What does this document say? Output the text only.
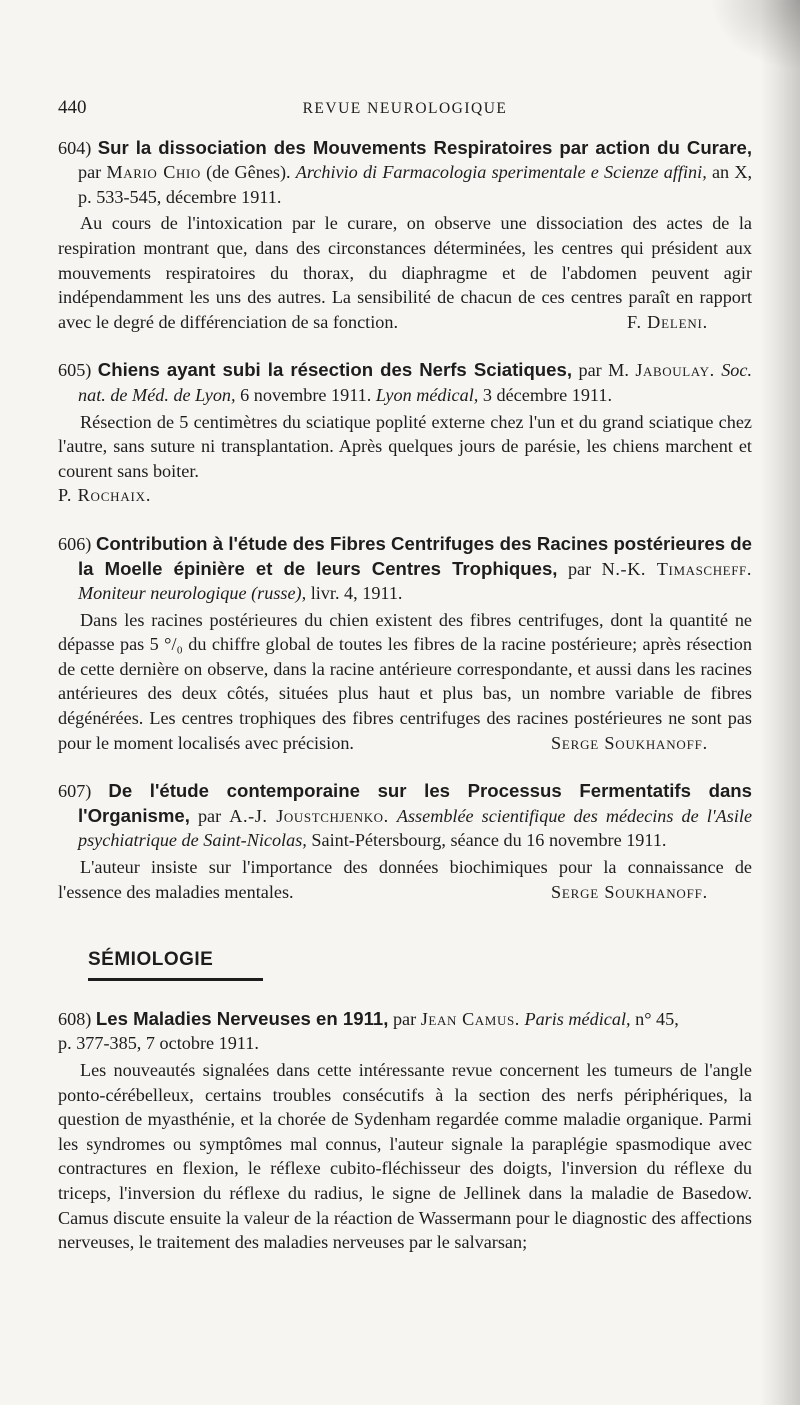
440	REVUE NEUROLOGIQUE

604) Sur la dissociation des Mouvements Respiratoires par action du Curare, par Mario Chio (de Gênes). Archivio di Farmacologia sperimentale e Scienze affini, an X, p. 533-545, décembre 1911.

Au cours de l'intoxication par le curare, on observe une dissociation des actes de la respiration montrant que, dans des circonstances déterminées, les centres qui président aux mouvements respiratoires du thorax, du diaphragme et de l'abdomen peuvent agir indépendamment les uns des autres. La sensibilité de chacun de ces centres paraît en rapport avec le degré de différenciation de sa fonction.	F. Deleni.

605) Chiens ayant subi la résection des Nerfs Sciatiques, par M. Jaboulay. Soc. nat. de Méd. de Lyon, 6 novembre 1911. Lyon médical, 3 décembre 1911.

Résection de 5 centimètres du sciatique poplité externe chez l'un et du grand sciatique chez l'autre, sans suture ni transplantation. Après quelques jours de parésie, les chiens marchent et courent sans boiter.

P. Rochaix.

606) Contribution à l'étude des Fibres Centrifuges des Racines postérieures de la Moelle épinière et de leurs Centres Trophiques, par N.-K. Timascheff. Moniteur neurologique (russe), livr. 4, 1911.

Dans les racines postérieures du chien existent des fibres centrifuges, dont la quantité ne dépasse pas 5 °/₀ du chiffre global de toutes les fibres de la racine postérieure; après résection de cette dernière on observe, dans la racine antérieure correspondante, et aussi dans les racines antérieures des deux côtés, situées plus haut et plus bas, un nombre variable de fibres dégénérées. Les centres trophiques des fibres centrifuges des racines postérieures ne sont pas pour le moment localisés avec précision.	Serge Soukhanoff.

607) De l'étude contemporaine sur les Processus Fermentatifs dans l'Organisme, par A.-J. Joustchjenko. Assemblée scientifique des médecins de l'Asile psychiatrique de Saint-Nicolas, Saint-Pétersbourg, séance du 16 novembre 1911.

L'auteur insiste sur l'importance des données biochimiques pour la connaissance de l'essence des maladies mentales.	Serge Soukhanoff.

SÉMIOLOGIE

608) Les Maladies Nerveuses en 1911, par Jean Camus. Paris médical, n° 45,

p. 377-385, 7 octobre 1911.

Les nouveautés signalées dans cette intéressante revue concernent les tumeurs de l'angle ponto-cérébelleux, certains troubles consécutifs à la section des nerfs périphériques, la question de myasthénie, et la chorée de Sydenham regardée comme maladie organique. Parmi les syndromes ou symptômes mal connus, l'auteur signale la paraplégie spasmodique avec contractures en flexion, le réflexe cubito-fléchisseur des doigts, l'inversion du réflexe du triceps, l'inversion du réflexe du radius, le signe de Jellinek dans la maladie de Basedow. Camus discute ensuite la valeur de la réaction de Wassermann pour le diagnostic des affections nerveuses, le traitement des maladies nerveuses par le salvarsan;
